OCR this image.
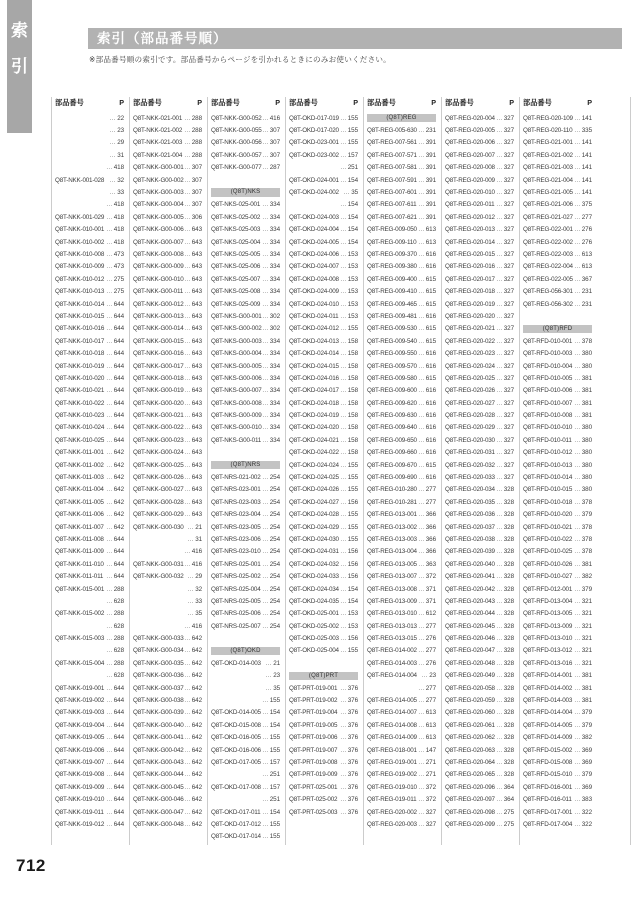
索
引
索引（部品番号順）
※部品番号順の索引です。部品番号からページを引かれるときにのみお使いください。
部品番号	P
… 22
… 23
… 29
… 31
… 418
Q8T-NKK-001-028 … 32
… 33
… 418
Q8T-NKK-001-029 … 418
Q8T-NKK-010-001 … 418
Q8T-NKK-010-002 … 418
Q8T-NKK-010-008 … 473
Q8T-NKK-010-009 … 473
Q8T-NKK-010-012 … 275
Q8T-NKK-010-013 … 275
Q8T-NKK-010-014 … 644
Q8T-NKK-010-015 … 644
Q8T-NKK-010-016 … 644
Q8T-NKK-010-017 … 644
Q8T-NKK-010-018 … 644
Q8T-NKK-010-019 … 644
Q8T-NKK-010-020 … 644
Q8T-NKK-010-021 … 644
Q8T-NKK-010-022 … 644
Q8T-NKK-010-023 … 644
Q8T-NKK-010-024 … 644
Q8T-NKK-010-025 … 644
Q8T-NKK-011-001 … 642
Q8T-NKK-011-002 … 642
Q8T-NKK-011-003 … 642
Q8T-NKK-011-004 … 642
Q8T-NKK-011-005 … 642
Q8T-NKK-011-006 … 642
Q8T-NKK-011-007 … 642
Q8T-NKK-011-008 … 644
Q8T-NKK-011-009 … 644
Q8T-NKK-011-010 … 644
Q8T-NKK-011-011 … 644
Q8T-NKK-015-001 … 288
… 628
Q8T-NKK-015-002 … 288
… 628
Q8T-NKK-015-003 … 288
… 628
Q8T-NKK-015-004 … 288
… 628
Q8T-NKK-019-001 … 644
Q8T-NKK-019-002 … 644
Q8T-NKK-019-003 … 644
Q8T-NKK-019-004 … 644
Q8T-NKK-019-005 … 644
Q8T-NKK-019-006 … 644
Q8T-NKK-019-007 … 644
Q8T-NKK-019-008 … 644
Q8T-NKK-019-009 … 644
Q8T-NKK-019-010 … 644
Q8T-NKK-019-011 … 644
Q8T-NKK-019-012 … 644
部品番号	P
Q8T-NKK-021-001 … 288
Q8T-NKK-021-002 … 288
Q8T-NKK-021-003 … 288
Q8T-NKK-021-004 … 288
Q8T-NKK-G00-001 … 307
Q8T-NKK-G00-002 … 307
Q8T-NKK-G00-003 … 307
Q8T-NKK-G00-004 … 307
Q8T-NKK-G00-005 … 306
Q8T-NKK-G00-006 … 643
Q8T-NKK-G00-007 … 643
Q8T-NKK-G00-008 … 643
Q8T-NKK-G00-009 … 643
Q8T-NKK-G00-010 … 643
Q8T-NKK-G00-011 … 643
Q8T-NKK-G00-012 … 643
Q8T-NKK-G00-013 … 643
Q8T-NKK-G00-014 … 643
Q8T-NKK-G00-015 … 643
Q8T-NKK-G00-016 … 643
Q8T-NKK-G00-017 … 643
Q8T-NKK-G00-018 … 643
Q8T-NKK-G00-019 … 643
Q8T-NKK-G00-020 … 643
Q8T-NKK-G00-021 … 643
Q8T-NKK-G00-022 … 643
Q8T-NKK-G00-023 … 643
Q8T-NKK-G00-024 … 643
Q8T-NKK-G00-025 … 643
Q8T-NKK-G00-026 … 643
Q8T-NKK-G00-027 … 643
Q8T-NKK-G00-028 … 643
Q8T-NKK-G00-029 … 643
Q8T-NKK-G00-030 … 21
… 31
… 416
Q8T-NKK-G00-031 … 416
Q8T-NKK-G00-032 … 29
… 32
… 33
… 35
… 416
Q8T-NKK-G00-033 … 642
Q8T-NKK-G00-034 … 642
Q8T-NKK-G00-035 … 642
Q8T-NKK-G00-036 … 642
Q8T-NKK-G00-037 … 642
Q8T-NKK-G00-038 … 642
Q8T-NKK-G00-039 … 642
Q8T-NKK-G00-040 … 642
Q8T-NKK-G00-041 … 642
Q8T-NKK-G00-042 … 642
Q8T-NKK-G00-043 … 642
Q8T-NKK-G00-044 … 642
Q8T-NKK-G00-045 … 642
Q8T-NKK-G00-046 … 642
Q8T-NKK-G00-047 … 642
Q8T-NKK-G00-048 … 642
部品番号	P
Q8T-NKK-G00-052 … 416
Q8T-NKK-G00-055 … 307
Q8T-NKK-G00-056 … 307
Q8T-NKK-G00-057 … 307
Q8T-NKK-G00-077 … 287
(Q8T)NKS
Q8T-NKS-025-001 … 334
Q8T-NKS-025-002 … 334
Q8T-NKS-025-003 … 334
Q8T-NKS-025-004 … 334
Q8T-NKS-025-005 … 334
Q8T-NKS-025-006 … 334
Q8T-NKS-025-007 … 334
Q8T-NKS-025-008 … 334
Q8T-NKS-025-009 … 334
Q8T-NKS-G00-001 … 302
Q8T-NKS-G00-002 … 302
Q8T-NKS-G00-003 … 334
Q8T-NKS-G00-004 … 334
Q8T-NKS-G00-005 … 334
Q8T-NKS-G00-006 … 334
Q8T-NKS-G00-007 … 334
Q8T-NKS-G00-008 … 334
Q8T-NKS-G00-009 … 334
Q8T-NKS-G00-010 … 334
Q8T-NKS-G00-011 … 334
(Q8T)NRS
Q8T-NRS-021-002 … 254
Q8T-NRS-023-001 … 254
Q8T-NRS-023-003 … 254
Q8T-NRS-023-004 … 254
Q8T-NRS-023-005 … 254
Q8T-NRS-023-006 … 254
Q8T-NRS-023-010 … 254
Q8T-NRS-025-001 … 254
Q8T-NRS-025-002 … 254
Q8T-NRS-025-004 … 254
Q8T-NRS-025-005 … 254
Q8T-NRS-025-006 … 254
Q8T-NRS-025-007 … 254
(Q8T)OKD
Q8T-OKD-014-003 … 21
… 23
… 35
… 155
Q8T-OKD-014-005 … 154
Q8T-OKD-015-008 … 154
Q8T-OKD-016-005 … 155
Q8T-OKD-016-006 … 155
Q8T-OKD-017-005 … 157
… 251
Q8T-OKD-017-008 … 157
… 251
Q8T-OKD-017-011 … 154
Q8T-OKD-017-012 … 155
Q8T-OKD-017-014 … 155
部品番号	P
Q8T-OKD-017-019 … 155
Q8T-OKD-017-020 … 155
Q8T-OKD-023-001 … 155
Q8T-OKD-023-002 … 157
… 251
Q8T-OKD-024-001 … 154
Q8T-OKD-024-002 … 35
… 154
Q8T-OKD-024-003 … 154
Q8T-OKD-024-004 … 154
Q8T-OKD-024-005 … 154
Q8T-OKD-024-006 … 153
Q8T-OKD-024-007 … 153
Q8T-OKD-024-008 … 153
Q8T-OKD-024-009 … 153
Q8T-OKD-024-010 … 153
Q8T-OKD-024-011 … 153
Q8T-OKD-024-012 … 155
Q8T-OKD-024-013 … 158
Q8T-OKD-024-014 … 158
Q8T-OKD-024-015 … 158
Q8T-OKD-024-016 … 158
Q8T-OKD-024-017 … 158
Q8T-OKD-024-018 … 158
Q8T-OKD-024-019 … 158
Q8T-OKD-024-020 … 158
Q8T-OKD-024-021 … 158
Q8T-OKD-024-022 … 158
Q8T-OKD-024-024 … 155
Q8T-OKD-024-025 … 155
Q8T-OKD-024-026 … 155
Q8T-OKD-024-027 … 156
Q8T-OKD-024-028 … 155
Q8T-OKD-024-029 … 155
Q8T-OKD-024-030 … 155
Q8T-OKD-024-031 … 156
Q8T-OKD-024-032 … 156
Q8T-OKD-024-033 … 156
Q8T-OKD-024-034 … 154
Q8T-OKD-024-035 … 154
Q8T-OKD-025-001 … 153
Q8T-OKD-025-002 … 153
Q8T-OKD-025-003 … 156
Q8T-OKD-025-004 … 155
(Q8T)PRT
Q8T-PRT-019-001 … 376
Q8T-PRT-019-002 … 376
Q8T-PRT-019-004 … 376
Q8T-PRT-019-005 … 376
Q8T-PRT-019-006 … 376
Q8T-PRT-019-007 … 376
Q8T-PRT-019-008 … 376
Q8T-PRT-019-009 … 376
Q8T-PRT-025-001 … 376
Q8T-PRT-025-002 … 376
Q8T-PRT-025-003 … 376
部品番号	P
(Q8T)REG
Q8T-REG-005-630 … 231
Q8T-REG-007-561 … 391
Q8T-REG-007-571 … 391
Q8T-REG-007-581 … 391
Q8T-REG-007-591 … 391
Q8T-REG-007-601 … 391
Q8T-REG-007-611 … 391
Q8T-REG-007-621 … 391
Q8T-REG-009-050 … 613
Q8T-REG-009-110 … 613
Q8T-REG-009-370 … 616
Q8T-REG-009-380 … 616
Q8T-REG-009-400 … 615
Q8T-REG-009-410 … 615
Q8T-REG-009-465 … 615
Q8T-REG-009-481 … 616
Q8T-REG-009-530 … 615
Q8T-REG-009-540 … 615
Q8T-REG-009-550 … 616
Q8T-REG-009-570 … 616
Q8T-REG-009-580 … 615
Q8T-REG-009-600 … 616
Q8T-REG-009-620 … 616
Q8T-REG-009-630 … 616
Q8T-REG-009-640 … 616
Q8T-REG-009-650 … 616
Q8T-REG-009-660 … 616
Q8T-REG-009-670 … 615
Q8T-REG-009-690 … 616
Q8T-REG-010-280 … 277
Q8T-REG-010-281 … 277
Q8T-REG-013-001 … 366
Q8T-REG-013-002 … 366
Q8T-REG-013-003 … 366
Q8T-REG-013-004 … 366
Q8T-REG-013-005 … 363
Q8T-REG-013-007 … 372
Q8T-REG-013-008 … 371
Q8T-REG-013-009 … 371
Q8T-REG-013-010 … 612
Q8T-REG-013-013 … 277
Q8T-REG-013-015 … 276
Q8T-REG-014-002 … 277
Q8T-REG-014-003 … 276
Q8T-REG-014-004 … 23
… 277
Q8T-REG-014-005 … 277
Q8T-REG-014-007 … 613
Q8T-REG-014-008 … 613
Q8T-REG-014-009 … 613
Q8T-REG-018-001 … 147
Q8T-REG-019-001 … 271
Q8T-REG-019-002 … 271
Q8T-REG-019-010 … 372
Q8T-REG-019-011 … 372
Q8T-REG-020-002 … 327
Q8T-REG-020-003 … 327
部品番号	P
Q8T-REG-020-004 … 327
Q8T-REG-020-005 … 327
Q8T-REG-020-006 … 327
Q8T-REG-020-007 … 327
Q8T-REG-020-008 … 327
Q8T-REG-020-009 … 327
Q8T-REG-020-010 … 327
Q8T-REG-020-011 … 327
Q8T-REG-020-012 … 327
Q8T-REG-020-013 … 327
Q8T-REG-020-014 … 327
Q8T-REG-020-015 … 327
Q8T-REG-020-016 … 327
Q8T-REG-020-017 … 327
Q8T-REG-020-018 … 327
Q8T-REG-020-019 … 327
Q8T-REG-020-020 … 327
Q8T-REG-020-021 … 327
Q8T-REG-020-022 … 327
Q8T-REG-020-023 … 327
Q8T-REG-020-024 … 327
Q8T-REG-020-025 … 327
Q8T-REG-020-026 … 327
Q8T-REG-020-027 … 327
Q8T-REG-020-028 … 327
Q8T-REG-020-029 … 327
Q8T-REG-020-030 … 327
Q8T-REG-020-031 … 327
Q8T-REG-020-032 … 327
Q8T-REG-020-033 … 327
Q8T-REG-020-034 … 328
Q8T-REG-020-035 … 328
Q8T-REG-020-036 … 328
Q8T-REG-020-037 … 328
Q8T-REG-020-038 … 328
Q8T-REG-020-039 … 328
Q8T-REG-020-040 … 328
Q8T-REG-020-041 … 328
Q8T-REG-020-042 … 328
Q8T-REG-020-043 … 328
Q8T-REG-020-044 … 328
Q8T-REG-020-045 … 328
Q8T-REG-020-046 … 328
Q8T-REG-020-047 … 328
Q8T-REG-020-048 … 328
Q8T-REG-020-049 … 328
Q8T-REG-020-058 … 328
Q8T-REG-020-059 … 328
Q8T-REG-020-060 … 328
Q8T-REG-020-061 … 328
Q8T-REG-020-062 … 328
Q8T-REG-020-063 … 328
Q8T-REG-020-064 … 328
Q8T-REG-020-065 … 328
Q8T-REG-020-096 … 364
Q8T-REG-020-097 … 364
Q8T-REG-020-098 … 275
Q8T-REG-020-099 … 275
部品番号	P
Q8T-REG-020-109 … 141
Q8T-REG-020-110 … 335
Q8T-REG-021-001 … 141
Q8T-REG-021-002 … 141
Q8T-REG-021-003 … 141
Q8T-REG-021-004 … 141
Q8T-REG-021-005 … 141
Q8T-REG-021-006 … 375
Q8T-REG-021-027 … 277
Q8T-REG-022-001 … 276
Q8T-REG-022-002 … 276
Q8T-REG-022-003 … 613
Q8T-REG-022-004 … 613
Q8T-REG-022-005 … 367
Q8T-REG-056-301 … 231
Q8T-REG-056-302 … 231
(Q8T)RFD
Q8T-RFD-010-001 … 378
Q8T-RFD-010-003 … 380
Q8T-RFD-010-004 … 380
Q8T-RFD-010-005 … 381
Q8T-RFD-010-006 … 381
Q8T-RFD-010-007 … 381
Q8T-RFD-010-008 … 381
Q8T-RFD-010-010 … 380
Q8T-RFD-010-011 … 380
Q8T-RFD-010-012 … 380
Q8T-RFD-010-013 … 380
Q8T-RFD-010-014 … 380
Q8T-RFD-010-015 … 380
Q8T-RFD-010-018 … 378
Q8T-RFD-010-020 … 379
Q8T-RFD-010-021 … 378
Q8T-RFD-010-022 … 378
Q8T-RFD-010-025 … 378
Q8T-RFD-010-026 … 381
Q8T-RFD-010-027 … 382
Q8T-RFD-012-001 … 379
Q8T-RFD-013-004 … 321
Q8T-RFD-013-005 … 321
Q8T-RFD-013-009 … 321
Q8T-RFD-013-010 … 321
Q8T-RFD-013-012 … 321
Q8T-RFD-013-016 … 321
Q8T-RFD-014-001 … 381
Q8T-RFD-014-002 … 381
Q8T-RFD-014-003 … 381
Q8T-RFD-014-004 … 379
Q8T-RFD-014-005 … 379
Q8T-RFD-014-009 … 382
Q8T-RFD-015-002 … 369
Q8T-RFD-015-008 … 369
Q8T-RFD-015-010 … 379
Q8T-RFD-016-001 … 369
Q8T-RFD-016-011 … 383
Q8T-RFD-017-001 … 322
Q8T-RFD-017-004 … 322
712
